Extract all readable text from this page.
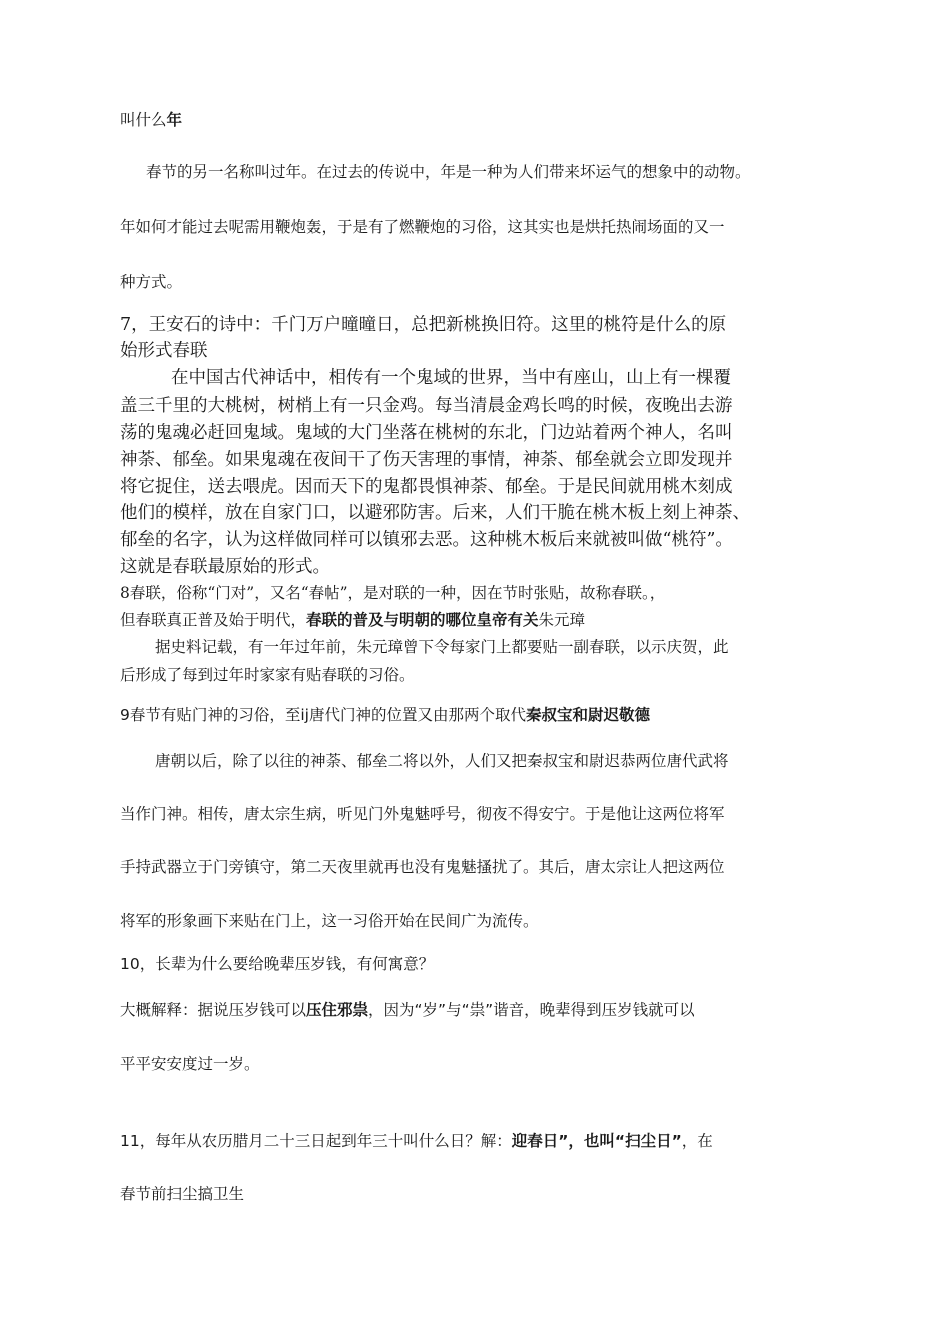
叫什么年
春节的另一名称叫过年。在过去的传说中，年是一种为人们带来坏运气的想象中的动物。
年如何才能过去呢需用鞭炮轰，于是有了燃鞭炮的习俗，这其实也是烘托热闹场面的又一
种方式。
7，王安石的诗中：千门万户曈曈日，总把新桃换旧符。这里的桃符是什么的原
始形式春联
在中国古代神话中，相传有一个鬼域的世界，当中有座山，山上有一棵覆
盖三千里的大桃树，树梢上有一只金鸡。每当清晨金鸡长鸣的时候，夜晚出去游
荡的鬼魂必赶回鬼域。鬼域的大门坐落在桃树的东北，门边站着两个神人，名叫
神荼、郁垒。如果鬼魂在夜间干了伤天害理的事情，神荼、郁垒就会立即发现并
将它捉住，送去喂虎。因而天下的鬼都畏惧神荼、郁垒。于是民间就用桃木刻成
他们的模样，放在自家门口，以避邪防害。后来，人们干脆在桃木板上刻上神荼、
郁垒的名字，认为这样做同样可以镇邪去恶。这种桃木板后来就被叫做“桃符”。
这就是春联最原始的形式。
8春联，俗称“门对”，又名“春帖”，是对联的一种，因在节时张贴，故称春联。，
但春联真正普及始于明代，春联的普及与明朝的哪位皇帝有关朱元璋
据史料记载，有一年过年前，朱元璋曾下令每家门上都要贴一副春联，以示庆贺，此
后形成了每到过年时家家有贴春联的习俗。
9春节有贴门神的习俗，至ij唐代门神的位置又由那两个取代秦叔宝和尉迟敬德
唐朝以后，除了以往的神荼、郁垒二将以外，人们又把秦叔宝和尉迟恭两位唐代武将
当作门神。相传，唐太宗生病，听见门外鬼魅呼号，彻夜不得安宁。于是他让这两位将军
手持武器立于门旁镇守，第二天夜里就再也没有鬼魅搔扰了。其后，唐太宗让人把这两位
将军的形象画下来贴在门上，这一习俗开始在民间广为流传。
10，长辈为什么要给晚辈压岁钱，有何寓意？
大概解释：据说压岁钱可以压住邪祟，因为“岁”与“祟”谐音，晚辈得到压岁钱就可以
平平安安度过一岁。
11，每年从农历腊月二十三日起到年三十叫什么日？解：迎春日”，也叫“扫尘日”，在
春节前扫尘搞卫生
